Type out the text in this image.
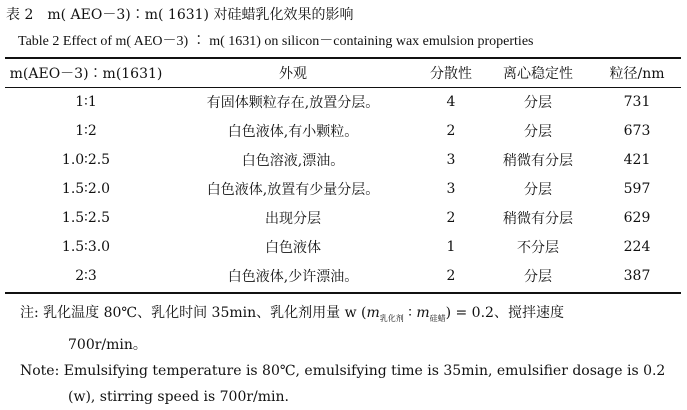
表 2 m( AEO－3)∶m( 1631) 对硅蜡乳化效果的影响
Table 2 Effect of m( AEO－3) ∶ m( 1631) on silicon－containing wax emulsion properties
m(AEO－3)∶m(1631)	外观	分散性	离心稳定性	粒径/nm
1∶1	有固体颗粒存在,放置分层。	4	分层	731
1∶2	白色液体,有小颗粒。	2	分层	673
1.0∶2.5	白色溶液,漂油。	3	稍微有分层	421
1.5∶2.0	白色液体,放置有少量分层。	3	分层	597
1.5∶2.5	出现分层	2	稍微有分层	629
1.5∶3.0	白色液体	1	不分层	224
2∶3	白色液体,少许漂油。	2	分层	387
注: 乳化温度 80℃、乳化时间 35min、乳化剂用量 w ($m_{乳化剂}$ ∶ $m_{硅蜡}) = 0.2$、搅拌速度
700r/min。
Note: Emulsifying temperature is 80℃, emulsifying time is 35min, emulsifier dosage is 0.2
(w), stirring speed is 700r/min.
